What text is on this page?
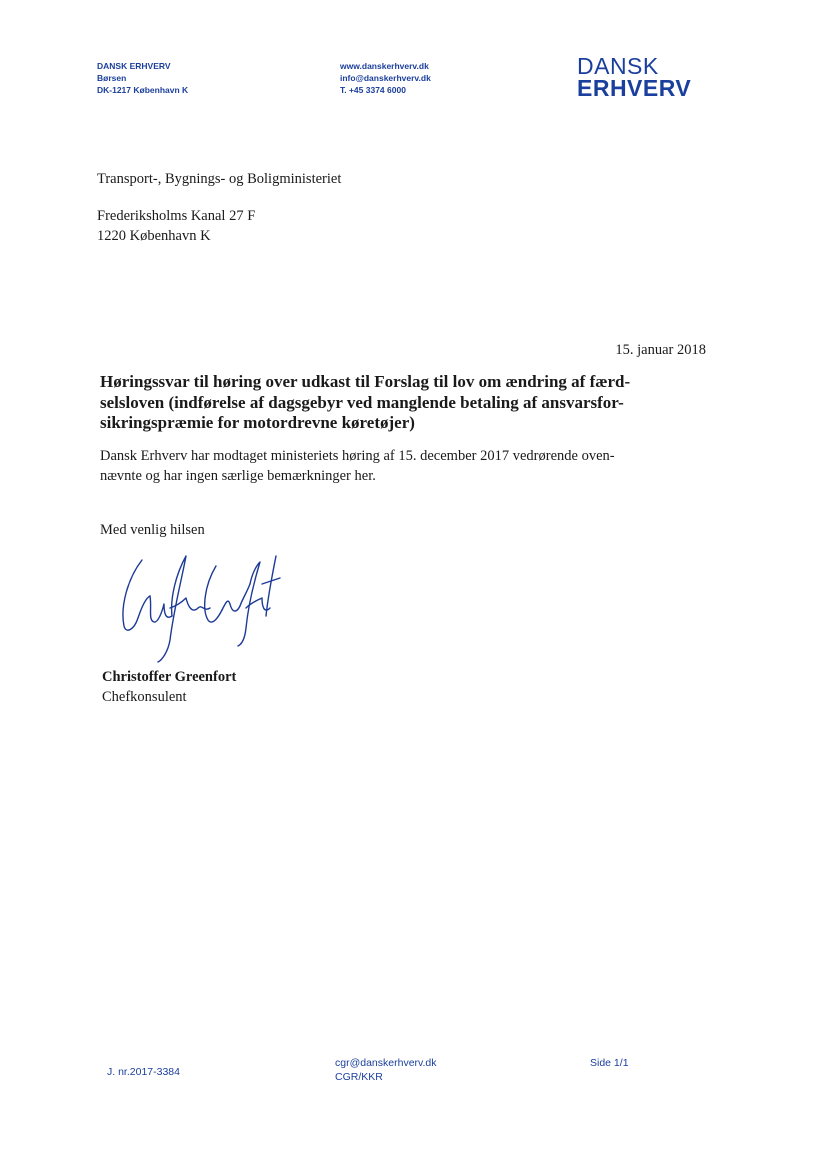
DANSK ERHVERV
Børsen
DK-1217 København K
www.danskerhverv.dk
info@danskerhverv.dk
T. +45 3374 6000
DANSK
ERHVERV
Transport-, Bygnings- og Boligministeriet
Frederiksholms Kanal 27 F
1220 København K
15. januar 2018
Høringssvar til høring over udkast til Forslag til lov om ændring af færd-
selsloven (indførelse af dagsgebyr ved manglende betaling af ansvarsfor-
sikringspræmie for motordrevne køretøjer)
Dansk Erhverv har modtaget ministeriets høring af 15. december 2017 vedrørende oven-
nævnte og har ingen særlige bemærkninger her.
Med venlig hilsen
Christoffer Greenfort
Chefkonsulent
J. nr.2017-3384
cgr@danskerhverv.dk
CGR/KKR
Side 1/1
